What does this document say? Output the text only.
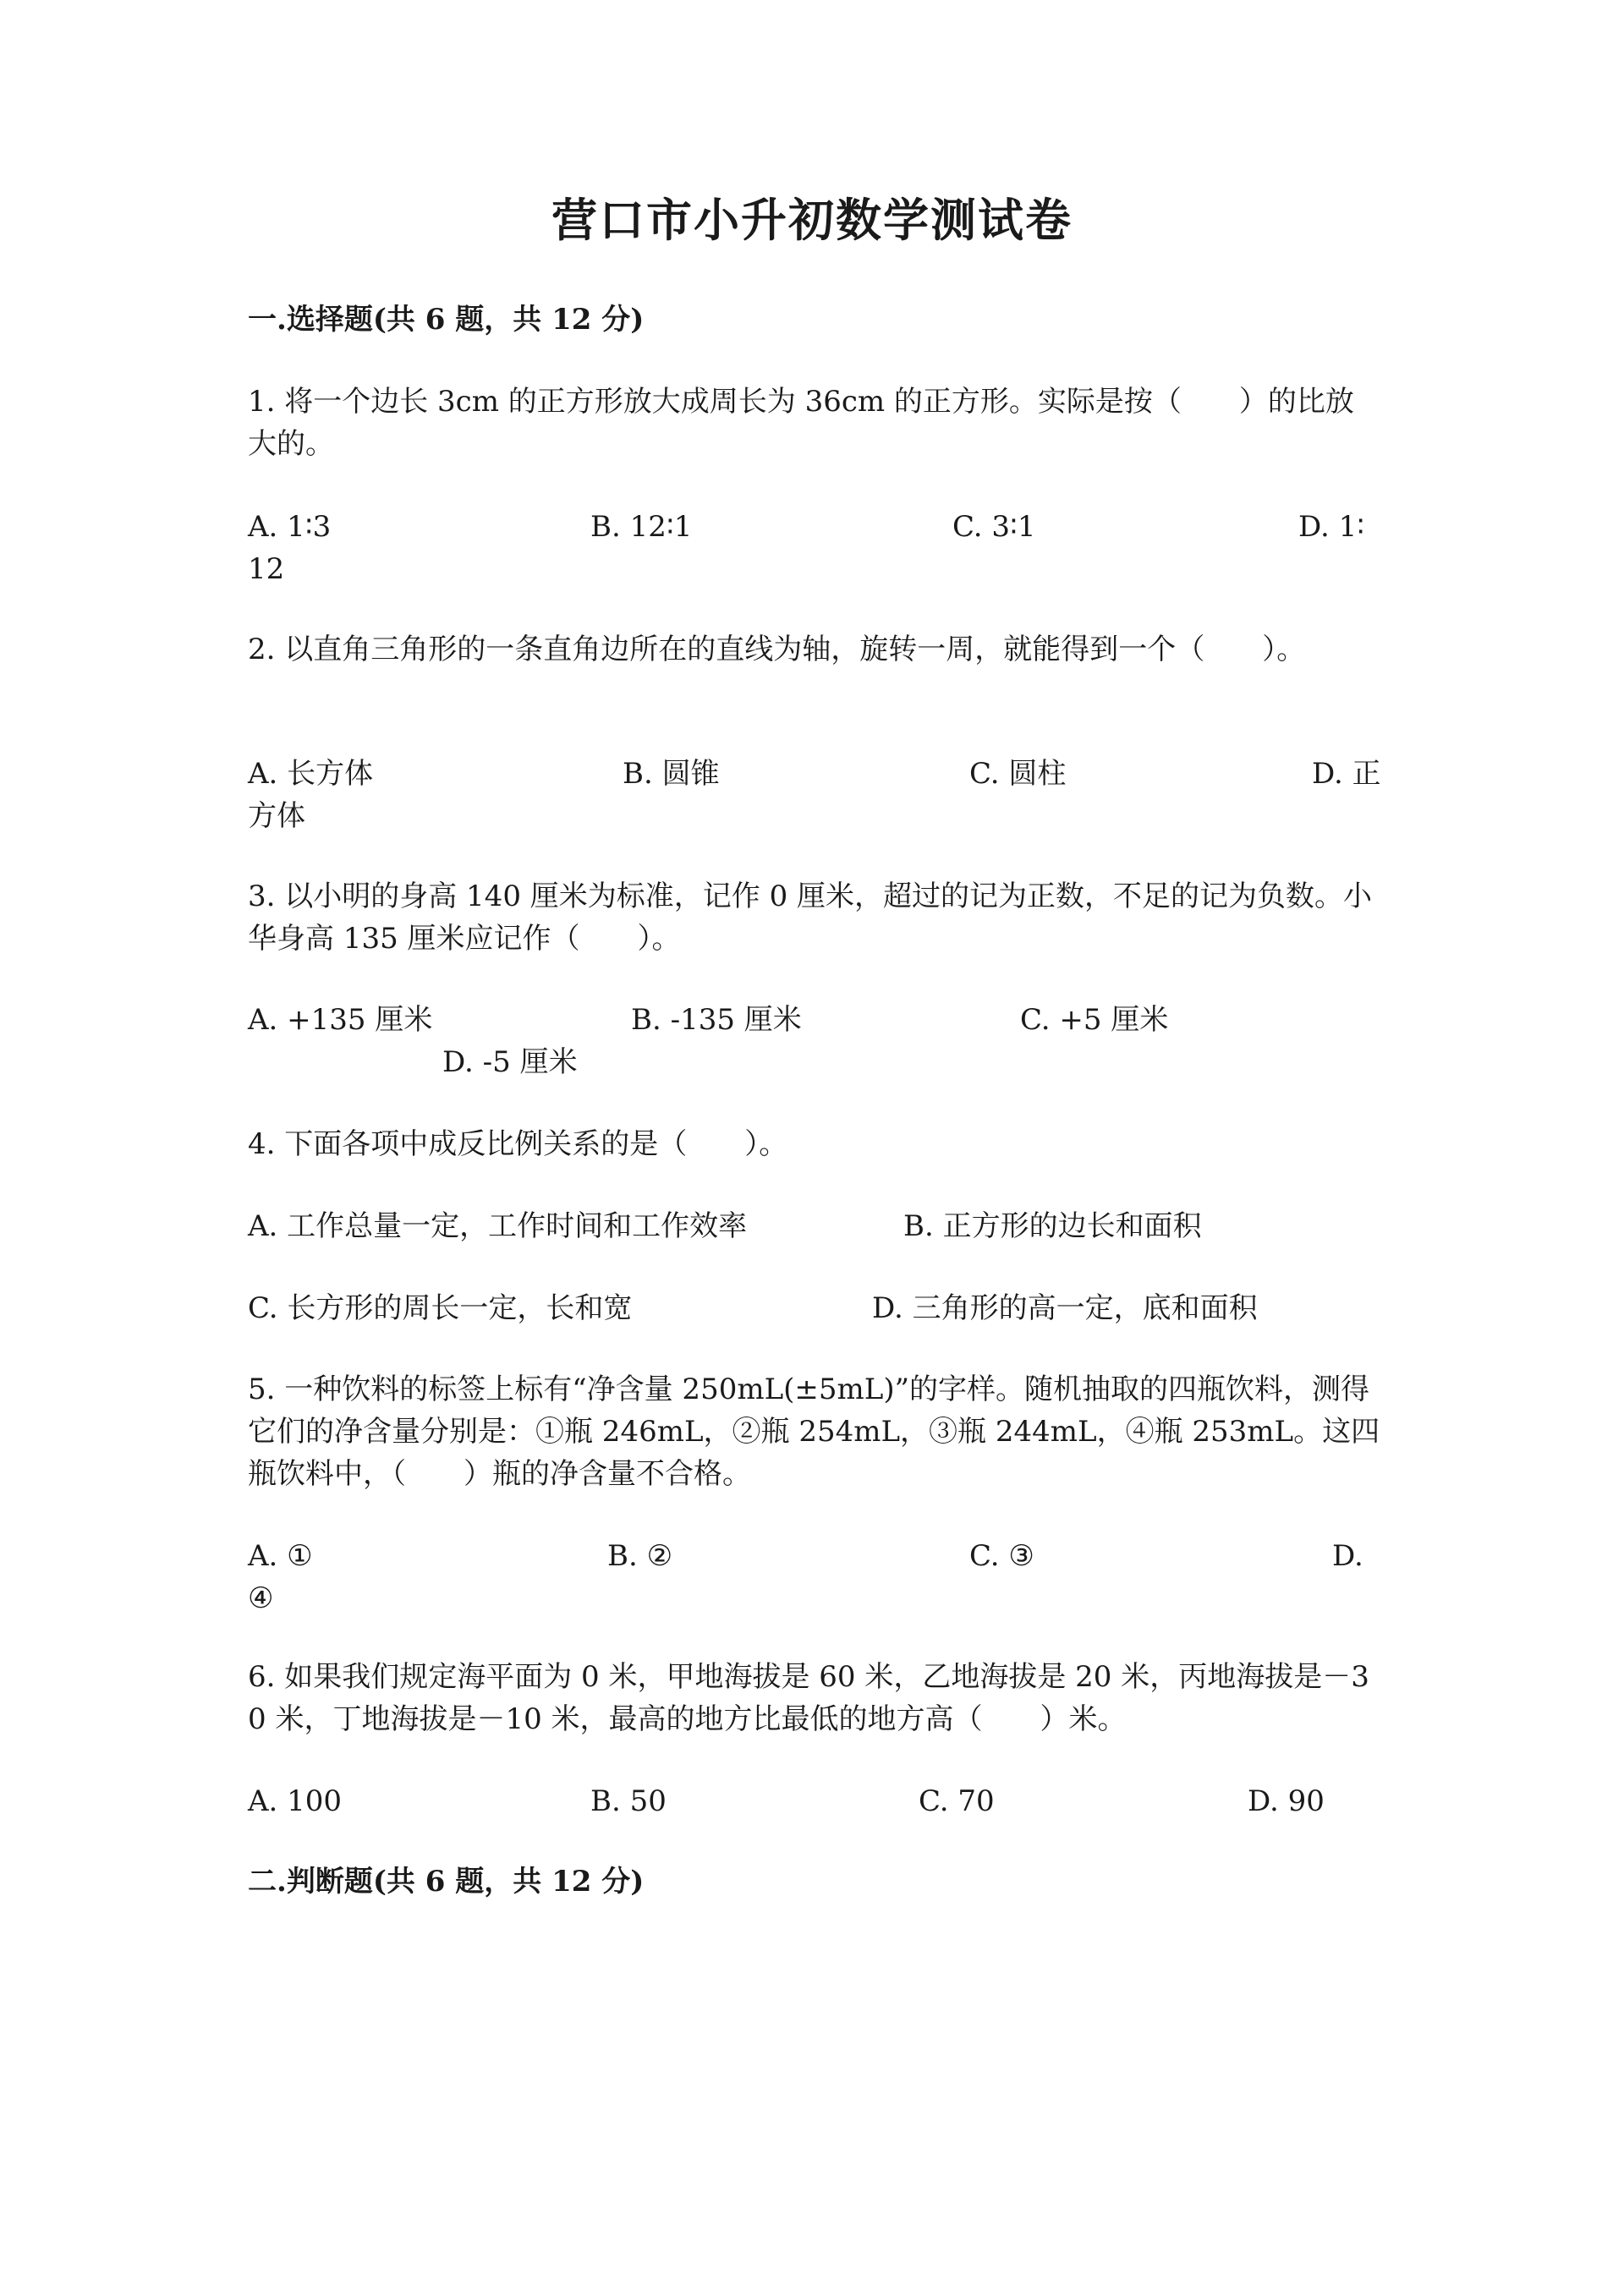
营口市小升初数学测试卷
一.选择题(共 6 题，共 12 分)
1. 将一个边长 3cm 的正方形放大成周长为 36cm 的正方形。实际是按（　　）的比放大的。
A. 1∶3	B. 12∶1	C. 3∶1	D. 1∶
12
2. 以直角三角形的一条直角边所在的直线为轴，旋转一周，就能得到一个（　　）。
A. 长方体	B. 圆锥	C. 圆柱	D. 正
方体
3. 以小明的身高 140 厘米为标准，记作 0 厘米，超过的记为正数，不足的记为负数。小华身高 135 厘米应记作（　　）。
A. +135 厘米	B. -135 厘米	C. +5 厘米
D. -5 厘米
4. 下面各项中成反比例关系的是（　　）。
A. 工作总量一定，工作时间和工作效率	B. 正方形的边长和面积
C. 长方形的周长一定，长和宽	D. 三角形的高一定，底和面积
5. 一种饮料的标签上标有“净含量 250mL(±5mL)”的字样。随机抽取的四瓶饮料，测得它们的净含量分别是：①瓶 246mL，②瓶 254mL，③瓶 244mL，④瓶 253mL。这四瓶饮料中，（　　）瓶的净含量不合格。
A. ①	B. ②	C. ③	D.
④
6. 如果我们规定海平面为 0 米，甲地海拔是 60 米，乙地海拔是 20 米，丙地海拔是－30 米，丁地海拔是－10 米，最高的地方比最低的地方高（　　）米。
A. 100	B. 50	C. 70	D. 90
二.判断题(共 6 题，共 12 分)
